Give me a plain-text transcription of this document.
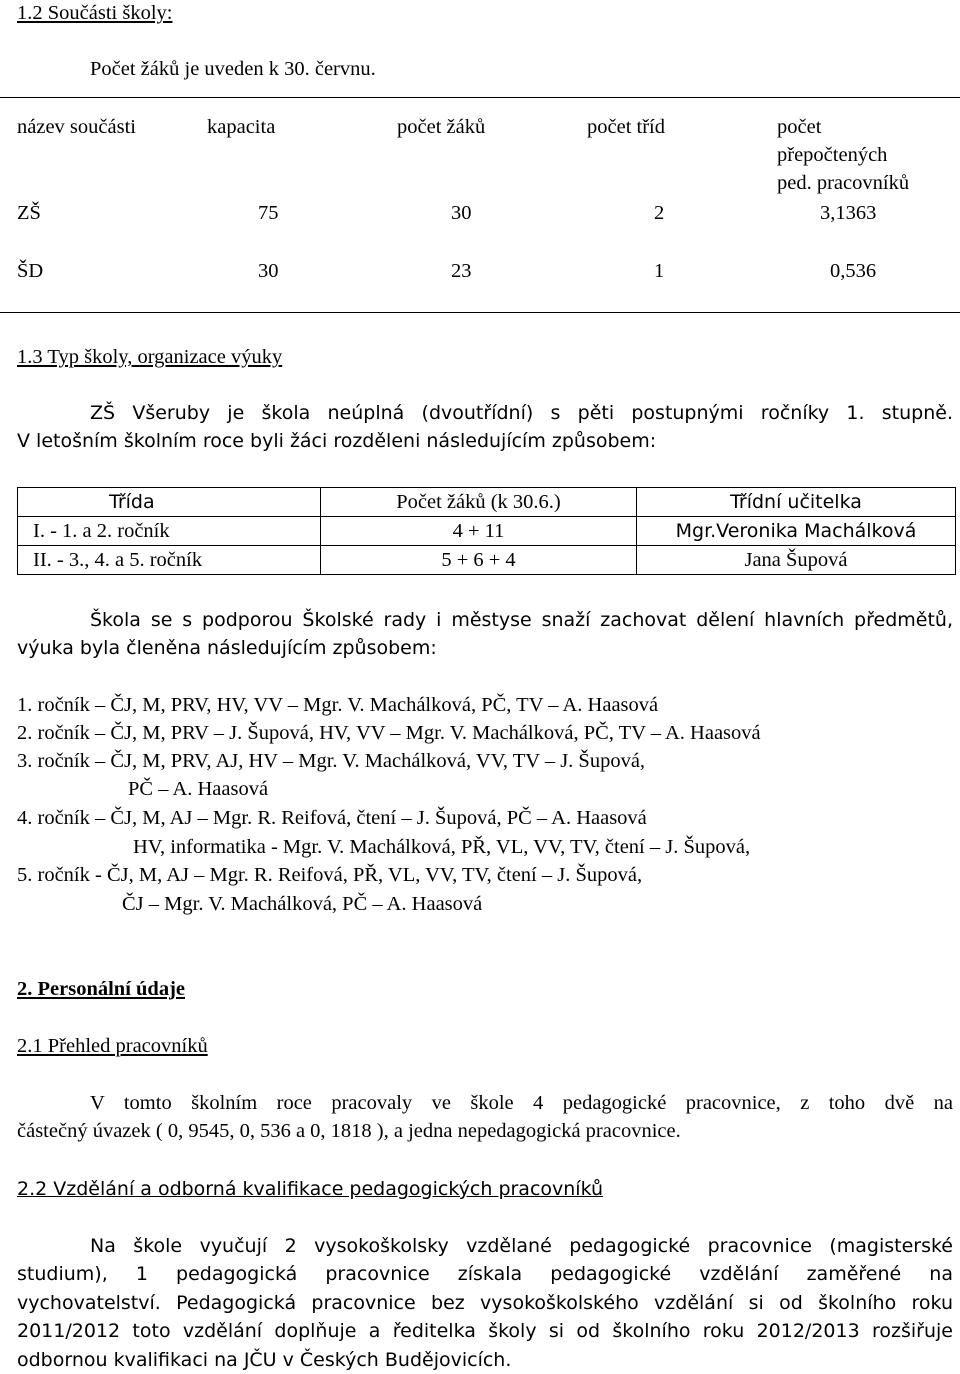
1.2 Součásti školy:
Počet žáků je uveden k 30. červnu.
název součásti	kapacita	počet žáků	počet tříd	počet
přepočtených
ped. pracovníků
ZŠ	75	30	2	3,1363
ŠD	30	23	1	0,536
1.3 Typ školy, organizace výuky
ZŠ Všeruby je škola neúplná (dvoutřídní) s pěti postupnými ročníky 1. stupně.
V letošním školním roce byli žáci rozděleni následujícím způsobem:
Třída	Počet žáků (k 30.6.)	Třídní učitelka
I. - 1. a 2. ročník	4 + 11	Mgr.Veronika Machálková
II. - 3., 4. a 5. ročník	5 + 6 + 4	Jana Šupová
Škola se s podporou Školské rady i městyse snaží zachovat dělení hlavních předmětů,
výuka byla členěna následujícím způsobem:
1. ročník – ČJ, M, PRV, HV, VV – Mgr. V. Machálková, PČ, TV – A. Haasová
2. ročník – ČJ, M, PRV – J. Šupová, HV, VV – Mgr. V. Machálková, PČ, TV – A. Haasová
3. ročník – ČJ, M, PRV, AJ, HV – Mgr. V. Machálková, VV, TV – J. Šupová,
PČ – A. Haasová
4. ročník – ČJ, M, AJ – Mgr. R. Reifová, čtení – J. Šupová, PČ – A. Haasová
HV, informatika - Mgr. V. Machálková, PŘ, VL, VV, TV, čtení – J. Šupová,
5. ročník - ČJ, M, AJ – Mgr. R. Reifová, PŘ, VL, VV, TV, čtení – J. Šupová,
ČJ – Mgr. V. Machálková, PČ – A. Haasová
2. Personální údaje
2.1 Přehled pracovníků
V tomto školním roce pracovaly ve škole 4 pedagogické pracovnice, z toho dvě na
částečný úvazek ( 0, 9545, 0, 536 a 0, 1818 ), a jedna nepedagogická pracovnice.
2.2 Vzdělání a odborná kvalifikace pedagogických pracovníků
Na škole vyučují 2 vysokoškolsky vzdělané pedagogické pracovnice (magisterské
studium), 1 pedagogická pracovnice získala pedagogické vzdělání zaměřené na
vychovatelství. Pedagogická pracovnice bez vysokoškolského vzdělání si od školního roku
2011/2012 toto vzdělání doplňuje a ředitelka školy si od školního roku 2012/2013 rozšiřuje
odbornou kvalifikaci na JČU v Českých Budějovicích.
